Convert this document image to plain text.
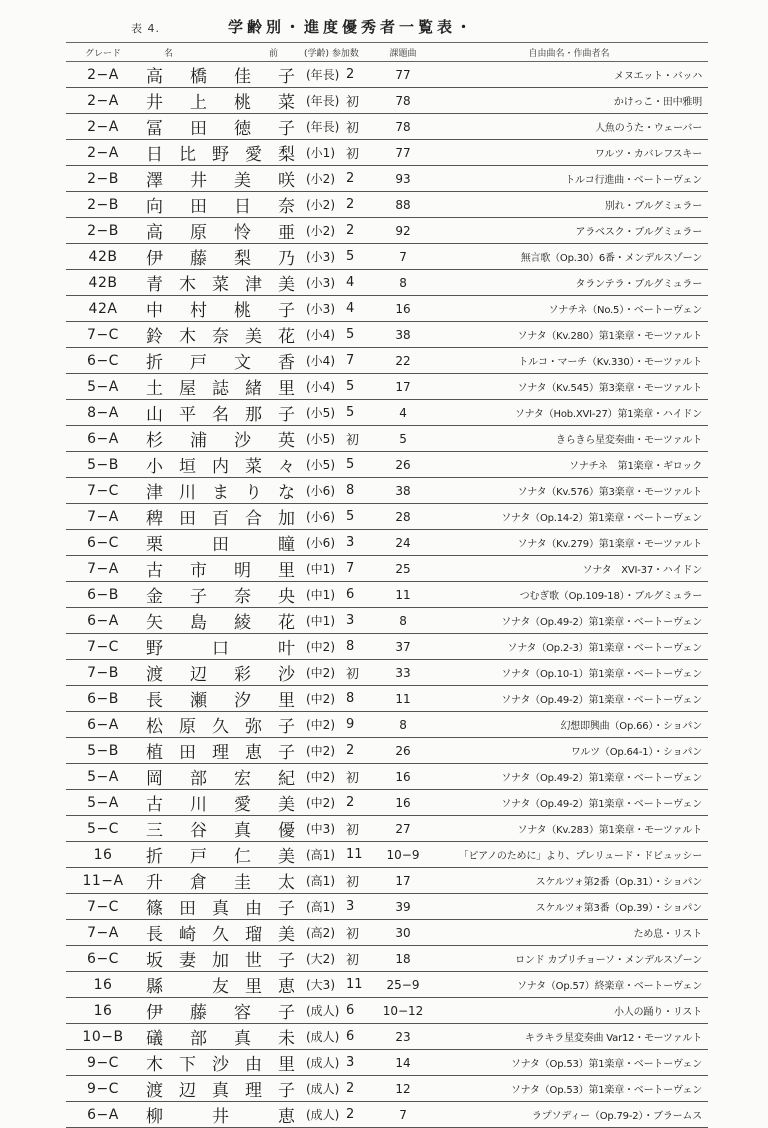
表 4.	学齢別・進度優秀者一覧表・
グレード	名 前	(学齢) 参加数		課題曲	自由曲名・作曲者名
2−A	高橋佳子	(年長)	2	77	メヌエット・バッハ
2−A	井上桃菜	(年長)	初	78	かけっこ・田中雅明
2−A	冨田徳子	(年長)	初	78	人魚のうた・ウェーバー
2−A	日比野愛梨	(小1)	初	77	ワルツ・カバレフスキー
2−B	澤井美咲	(小2)	2	93	トルコ行進曲・ベートーヴェン
2−B	向田日奈	(小2)	2	88	別れ・ブルグミュラー
2−B	高原怜亜	(小2)	2	92	アラベスク・ブルグミュラー
42B	伊藤梨乃	(小3)	5	7	無言歌（Op.30）6番・メンデルスゾーン
42B	青木菜津美	(小3)	4	8	タランテラ・ブルグミュラー
42A	中村桃子	(小3)	4	16	ソナチネ（No.5）・ベートーヴェン
7−C	鈴木奈美花	(小4)	5	38	ソナタ（Kv.280）第1楽章・モーツァルト
6−C	折戸文香	(小4)	7	22	トルコ・マーチ（Kv.330）・モーツァルト
5−A	土屋誌緒里	(小4)	5	17	ソナタ（Kv.545）第3楽章・モーツァルト
8−A	山平名那子	(小5)	5	4	ソナタ（Hob.XVI-27）第1楽章・ハイドン
6−A	杉浦沙英	(小5)	初	5	きらきら星変奏曲・モーツァルト
5−B	小垣内菜々	(小5)	5	26	ソナチネ　第1楽章・ギロック
7−C	津川まりな	(小6)	8	38	ソナタ（Kv.576）第3楽章・モーツァルト
7−A	稗田百合加	(小6)	5	28	ソナタ（Op.14-2）第1楽章・ベートーヴェン
6−C	栗田瞳	(小6)	3	24	ソナタ（Kv.279）第1楽章・モーツァルト
7−A	古市明里	(中1)	7	25	ソナタ　XVI-37・ハイドン
6−B	金子奈央	(中1)	6	11	つむぎ歌（Op.109-18）・ブルグミュラー
6−A	矢島綾花	(中1)	3	8	ソナタ（Op.49-2）第1楽章・ベートーヴェン
7−C	野口叶	(中2)	8	37	ソナタ（Op.2-3）第1楽章・ベートーヴェン
7−B	渡辺彩沙	(中2)	初	33	ソナタ（Op.10-1）第1楽章・ベートーヴェン
6−B	長瀬汐里	(中2)	8	11	ソナタ（Op.49-2）第1楽章・ベートーヴェン
6−A	松原久弥子	(中2)	9	8	幻想即興曲（Op.66）・ショパン
5−B	植田理恵子	(中2)	2	26	ワルツ（Op.64-1）・ショパン
5−A	岡部宏紀	(中2)	初	16	ソナタ（Op.49-2）第1楽章・ベートーヴェン
5−A	古川愛美	(中2)	2	16	ソナタ（Op.49-2）第1楽章・ベートーヴェン
5−C	三谷真優	(中3)	初	27	ソナタ（Kv.283）第1楽章・モーツァルト
16	折戸仁美	(高1)	11	10−9	「ピアノのために」より、プレリュード・ドビュッシー
11−A	升倉圭太	(高1)	初	17	スケルツォ第2番（Op.31）・ショパン
7−C	篠田真由子	(高1)	3	39	スケルツォ第3番（Op.39）・ショパン
7−A	長崎久瑠美	(高2)	初	30	ため息・リスト
6−C	坂妻加世子	(大2)	初	18	ロンド カプリチョーソ・メンデルスゾーン
16	縣　友里恵	(大3)	11	25−9	ソナタ（Op.57）終楽章・ベートーヴェン
16	伊藤容子	(成人)	6	10−12	小人の踊り・リスト
10−B	礒部真未	(成人)	6	23	キラキラ星変奏曲 Var12・モーツァルト
9−C	木下沙由里	(成人)	3	14	ソナタ（Op.53）第1楽章・ベートーヴェン
9−C	渡辺真理子	(成人)	2	12	ソナタ（Op.53）第1楽章・ベートーヴェン
6−A	柳井恵	(成人)	2	7	ラプソディー（Op.79-2）・ブラームス
